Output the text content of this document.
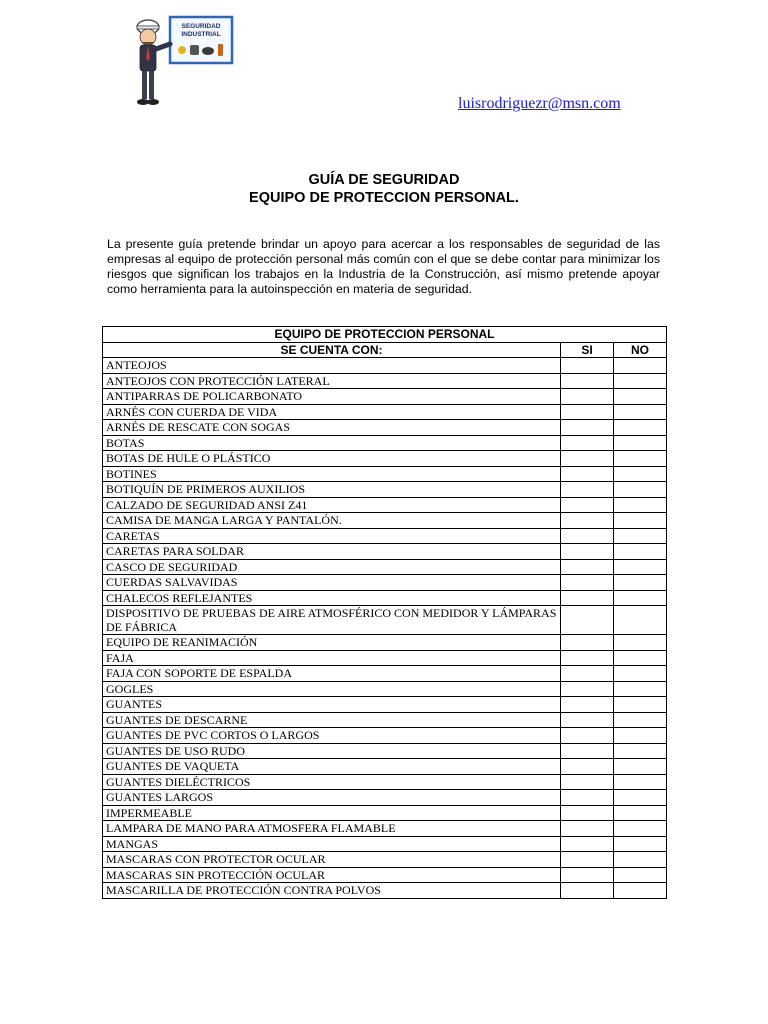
SEGURIDAD
INDUSTRIAL
luisrodriguezr@msn.com
GUÍA DE SEGURIDAD
EQUIPO DE PROTECCION PERSONAL.

La presente guía pretende brindar un apoyo para acercar a los responsables de seguridad de las empresas al equipo de protección personal más común con el que se debe contar para minimizar los riesgos que significan los trabajos en la Industria de la Construcción, así mismo pretende apoyar como herramienta para la autoinspección en materia de seguridad.

EQUIPO DE PROTECCION PERSONAL		
SE CUENTA CON:	SI	NO
ANTEOJOS		
ANTEOJOS CON PROTECCIÓN LATERAL		
ANTIPARRAS DE POLICARBONATO		
ARNÉS CON CUERDA DE VIDA		
ARNÉS DE RESCATE CON SOGAS		
BOTAS		
BOTAS DE HULE O PLÁSTICO		
BOTINES		
BOTIQUÍN DE PRIMEROS AUXILIOS		
CALZADO DE SEGURIDAD ANSI Z41		
CAMISA DE MANGA LARGA Y PANTALÓN.		
CARETAS		
CARETAS PARA SOLDAR		
CASCO DE SEGURIDAD		
CUERDAS SALVAVIDAS		
CHALECOS REFLEJANTES		
DISPOSITIVO DE PRUEBAS DE AIRE ATMOSFÉRICO CON MEDIDOR Y LÁMPARAS DE FÁBRICA		
EQUIPO DE REANIMACIÓN		
FAJA		
FAJA CON SOPORTE DE ESPALDA		
GOGLES		
GUANTES		
GUANTES DE DESCARNE		
GUANTES DE PVC CORTOS O LARGOS		
GUANTES DE USO RUDO		
GUANTES DE VAQUETA		
GUANTES DIELÉCTRICOS		
GUANTES LARGOS		
IMPERMEABLE		
LAMPARA DE MANO PARA ATMOSFERA FLAMABLE		
MANGAS		
MASCARAS CON PROTECTOR OCULAR		
MASCARAS SIN PROTECCIÓN OCULAR		
MASCARILLA DE PROTECCIÓN CONTRA POLVOS		
